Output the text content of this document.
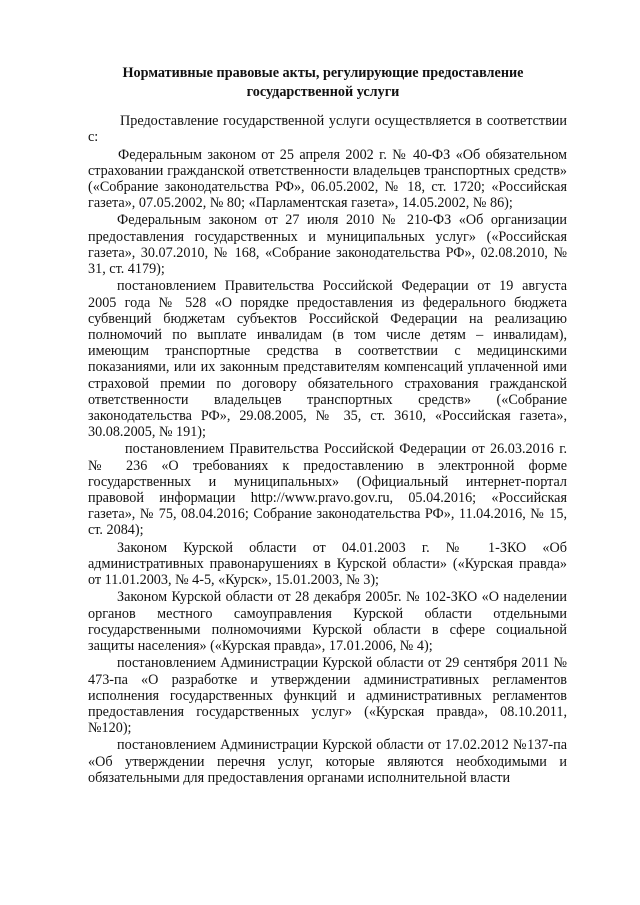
Нормативные правовые акты, регулирующие предоставление государственной услуги

Предоставление государственной услуги осуществляется в соответствии с:

Федеральным законом от 25 апреля 2002 г. № 40-ФЗ «Об обязательном страховании гражданской ответственности владельцев транспортных средств» («Собрание законодательства РФ», 06.05.2002, № 18, ст. 1720; «Российская газета», 07.05.2002, № 80; «Парламентская газета», 14.05.2002, № 86);

Федеральным законом от 27 июля 2010 № 210-ФЗ «Об организации предоставления государственных и муниципальных услуг» («Российская газета», 30.07.2010, № 168, «Собрание законодательства РФ», 02.08.2010, № 31, ст. 4179);

постановлением Правительства Российской Федерации от 19 августа 2005 года № 528 «О порядке предоставления из федерального бюджета субвенций бюджетам субъектов Российской Федерации на реализацию полномочий по выплате инвалидам (в том числе детям – инвалидам), имеющим транспортные средства в соответствии с медицинскими показаниями, или их законным представителям компенсаций уплаченной ими страховой премии по договору обязательного страхования гражданской ответственности владельцев транспортных средств» («Собрание законодательства РФ», 29.08.2005, № 35, ст. 3610, «Российская газета», 30.08.2005, № 191);

постановлением Правительства Российской Федерации от 26.03.2016 г. № 236 «О требованиях к предоставлению в электронной форме государственных и муниципальных» (Официальный интернет-портал правовой информации http://www.pravo.gov.ru, 05.04.2016; «Российская газета», № 75, 08.04.2016; Собрание законодательства РФ», 11.04.2016, № 15, ст. 2084);

Законом Курской области от 04.01.2003 г. № 1-ЗКО «Об административных правонарушениях в Курской области» («Курская правда» от 11.01.2003, № 4-5, «Курск», 15.01.2003, № 3);

Законом Курской области от 28 декабря 2005г. № 102-ЗКО «О наделении органов местного самоуправления Курской области отдельными государственными полномочиями Курской области в сфере социальной защиты населения» («Курская правда», 17.01.2006, № 4);

постановлением Администрации Курской области от 29 сентября 2011 № 473-па «О разработке и утверждении административных регламентов исполнения государственных функций и административных регламентов предоставления государственных услуг» («Курская правда», 08.10.2011, №120);

постановлением Администрации Курской области от 17.02.2012 №137-па «Об утверждении перечня услуг, которые являются необходимыми и обязательными для предоставления органами исполнительной власти
